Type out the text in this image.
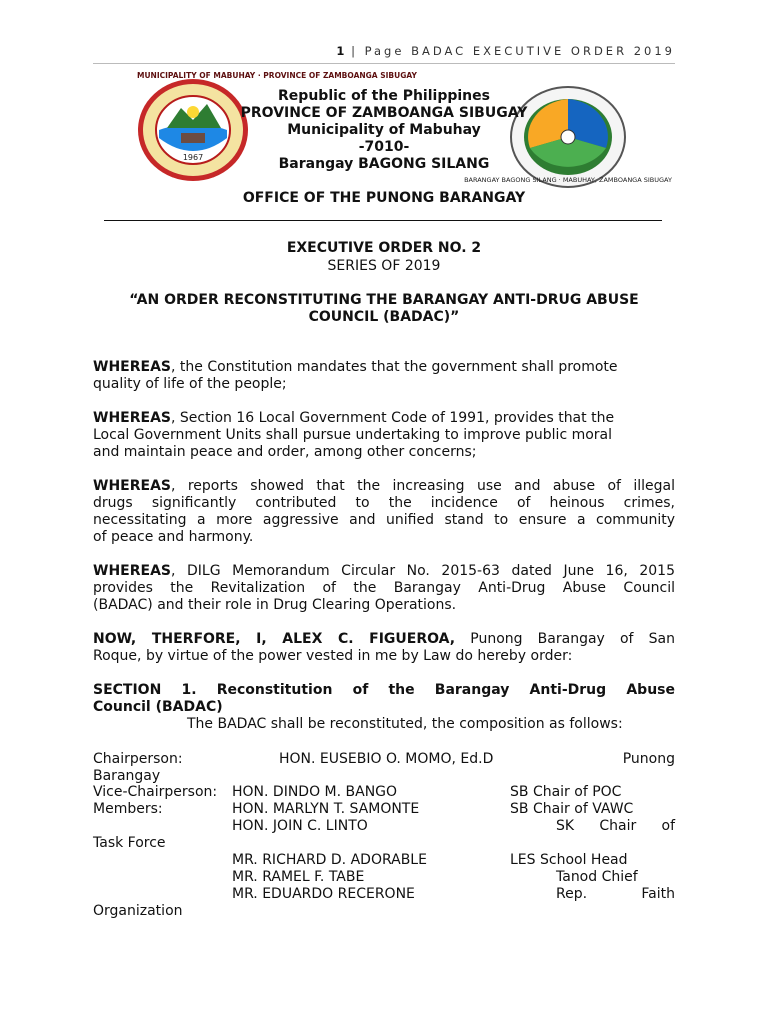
1 | Page BADAC EXECUTIVE ORDER 2019
1967
MUNICIPALITY OF MABUHAY · PROVINCE OF ZAMBOANGA SIBUGAY
BARANGAY BAGONG SILANG · MABUHAY, ZAMBOANGA SIBUGAY
Republic of the Philippines
PROVINCE OF ZAMBOANGA SIBUGAY
Municipality of Mabuhay
-7010-
Barangay BAGONG SILANG
OFFICE OF THE PUNONG BARANGAY
EXECUTIVE ORDER NO. 2
SERIES OF 2019
“AN ORDER RECONSTITUTING THE BARANGAY ANTI-DRUG ABUSE
COUNCIL (BADAC)”
WHEREAS, the Constitution mandates that the government shall promote
quality of life of the people;
WHEREAS, Section 16 Local Government Code of 1991, provides that the
Local Government Units shall pursue undertaking to improve public moral
and maintain peace and order, among other concerns;
WHEREAS, reports showed that the increasing use and abuse of illegal
drugs significantly contributed to the incidence of heinous crimes,
necessitating a more aggressive and unified stand to ensure a community
of peace and harmony.
WHEREAS, DILG Memorandum Circular No. 2015-63 dated June 16, 2015
provides the Revitalization of the Barangay Anti-Drug Abuse Council
(BADAC) and their role in Drug Clearing Operations.
NOW, THERFORE, I, ALEX C. FIGUEROA, Punong Barangay of San
Roque, by virtue of the power vested in me by Law do hereby order:
SECTION 1. Reconstitution of the Barangay Anti-Drug Abuse
Council (BADAC)
The BADAC shall be reconstituted, the composition as follows:
Chairperson:	HON. EUSEBIO O. MOMO, Ed.D	Punong
Barangay
Vice-Chairperson: HON. DINDO M. BANGO	SB Chair of POC
Members:	HON. MARLYN T. SAMONTE	SB Chair of VAWC
HON. JOIN C. LINTO	SK Chair of
Task Force
MR. RICHARD D. ADORABLE	LES School Head
MR. RAMEL F. TABE	Tanod Chief
MR. EDUARDO RECERONE	Rep. Faith
Organization
